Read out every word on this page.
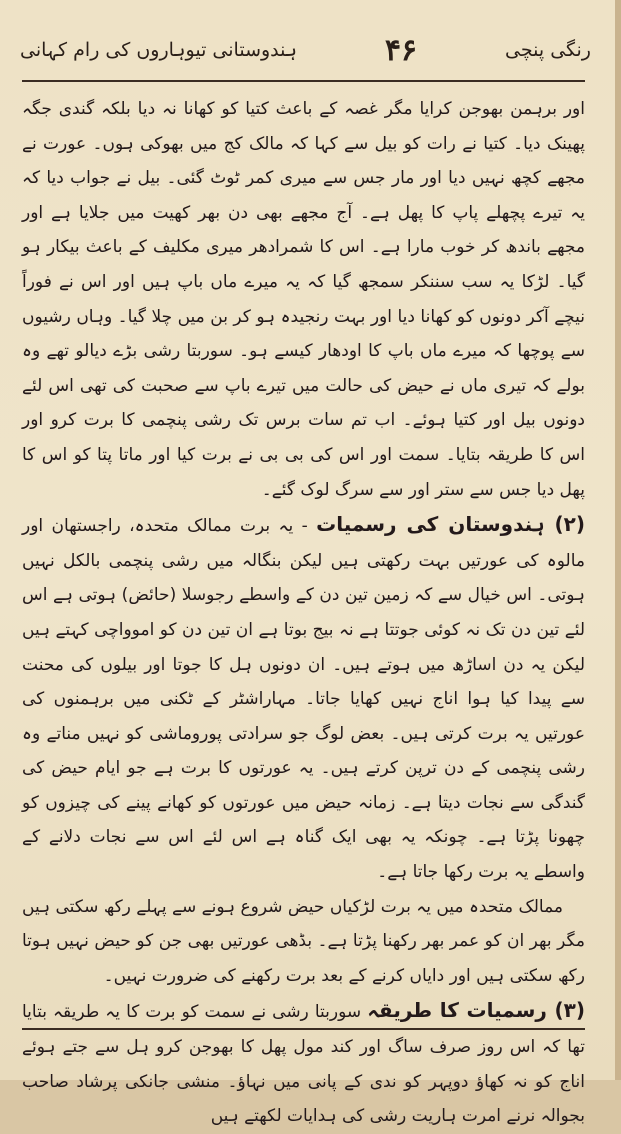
رنگی پنچی
۴۶
ہندوستانی تیوہاروں کی رام کہانی

اور برہمن بھوجن کرایا مگر غصہ کے باعث کتیا کو کھانا نہ دیا بلکہ گندی جگہ پھینک دیا۔ کتیا نے رات کو بیل سے کہا کہ مالک کج میں بھوکی ہوں۔ عورت نے مجھے کچھ نہیں دیا اور مار جس سے میری کمر ٹوٹ گئی۔ بیل نے جواب دیا کہ یہ تیرے پچھلے پاپ کا پھل ہے۔ آج مجھے بھی دن بھر کھیت میں جلایا ہے اور مجھے باندھ کر خوب مارا ہے۔ اس کا شمرادھر میری مکلیف کے باعث بیکار ہو گیا۔ لڑکا یہ سب سننکر سمجھ گیا کہ یہ میرے ماں باپ ہیں اور اس نے فوراً نیچے آکر دونوں کو کھانا دیا اور بہت رنجیدہ ہو کر بن میں چلا گیا۔ وہاں رشیوں سے پوچھا کہ میرے ماں باپ کا اودھار کیسے ہو۔ سوربتا رشی بڑے دیالو تھے وہ بولے کہ تیری ماں نے حیض کی حالت میں تیرے باپ سے صحبت کی تھی اس لئے دونوں بیل اور کتیا ہوئے۔ اب تم سات برس تک رشی پنچمی کا برت کرو اور اس کا طریقہ بتایا۔ سمت اور اس کی بی بی نے برت کیا اور ماتا پتا کو اس کا پھل دیا جس سے ستر اور سے سرگ لوک گئے۔

(۲) ہندوستان کی رسمیات - یہ برت ممالک متحدہ، راجستھان اور مالوہ کی عورتیں بہت رکھتی ہیں لیکن بنگالہ میں رشی پنچمی بالکل نہیں ہوتی۔ اس خیال سے کہ زمین تین دن کے واسطے رجوسلا (حائض) ہوتی ہے اس لئے تین دن تک نہ کوئی جوتتا ہے نہ بیج بوتا ہے ان تین دن کو اموواچی کہتے ہیں لیکن یہ دن اساڑھ میں ہوتے ہیں۔ ان دونوں ہل کا جوتا اور بیلوں کی محنت سے پیدا کیا ہوا اناج نہیں کھایا جاتا۔ مہاراشٹر کے ٹکنی میں برہمنوں کی عورتیں یہ برت کرتی ہیں۔ بعض لوگ جو سرادتی پوروماشی کو نہیں مناتے وہ رشی پنچمی کے دن ترپن کرتے ہیں۔ یہ عورتوں کا برت ہے جو ایام حیض کی گندگی سے نجات دیتا ہے۔ زمانہ حیض میں عورتوں کو کھانے پینے کی چیزوں کو چھونا پڑتا ہے۔ چونکہ یہ بھی ایک گناہ ہے اس لئے اس سے نجات دلانے کے واسطے یہ برت رکھا جاتا ہے۔

ممالک متحدہ میں یہ برت لڑکیاں حیض شروع ہونے سے پہلے رکھ سکتی ہیں مگر بھر ان کو عمر بھر رکھنا پڑتا ہے۔ بڈھی عورتیں بھی جن کو حیض نہیں ہوتا رکھ سکتی ہیں اور دایاں کرنے کے بعد برت رکھنے کی ضرورت نہیں۔

(۳) رسمیات کا طریقہ سوربتا رشی نے سمت کو برت کا یہ طریقہ بتایا تھا کہ اس روز صرف ساگ اور کند مول پھل کا بھوجن کرو ہل سے جتے ہوئے اناج کو نہ کھاؤ دوپہر کو ندی کے پانی میں نہاؤ۔ منشی جانکی پرشاد صاحب بجوالہ نرنے امرت ہاریت رشی کی ہدایات لکھتے ہیں
